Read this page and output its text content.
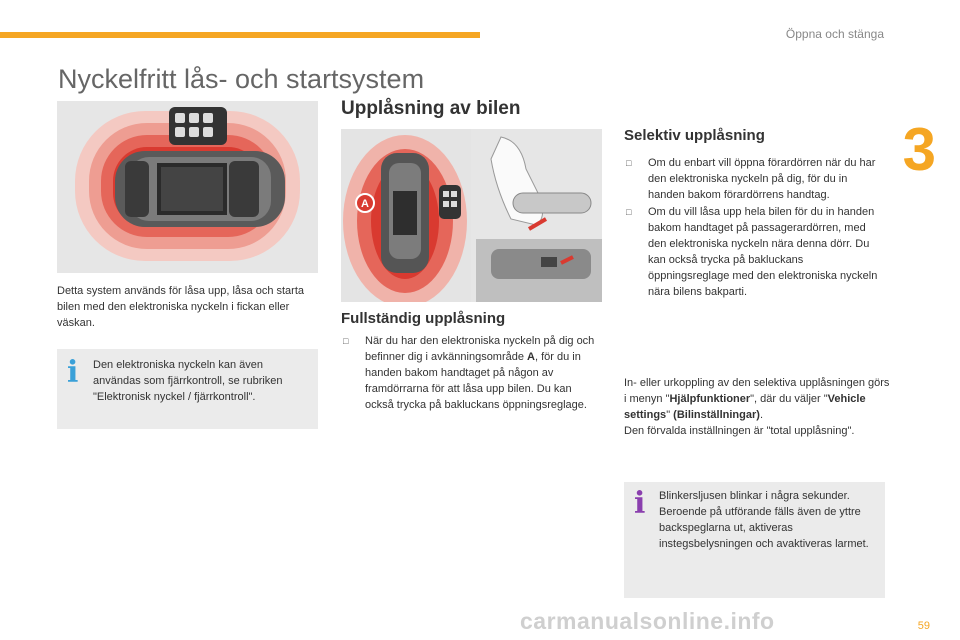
Öppna och stänga
3
Nyckelfritt lås- och startsystem
Detta system används för låsa upp, låsa och starta bilen med den elektroniska nyckeln i fickan eller väskan.
i Den elektroniska nyckeln kan även användas som fjärrkontroll, se rubriken "Elektronisk nyckel / fjärrkontroll".
Upplåsning av bilen
A
Fullständig upplåsning
□ När du har den elektroniska nyckeln på dig och befinner dig i avkänningsområde A, för du in handen bakom handtaget på någon av framdörrarna för att låsa upp bilen. Du kan också trycka på bakluckans öppningsreglage.
Selektiv upplåsning
□ Om du enbart vill öppna förardörren när du har den elektroniska nyckeln på dig, för du in handen bakom förardörrens handtag.
□ Om du vill låsa upp hela bilen för du in handen bakom handtaget på passagerardörren, med den elektroniska nyckeln nära denna dörr. Du kan också trycka på bakluckans öppningsreglage med den elektroniska nyckeln nära bilens bakparti.
In- eller urkoppling av den selektiva upplåsningen görs i menyn "Hjälpfunktioner", där du väljer "Vehicle settings" (Bilinställningar).
Den förvalda inställningen är "total upplåsning".
i Blinkersljusen blinkar i några sekunder. Beroende på utförande fälls även de yttre backspeglarna ut, aktiveras instegsbelysningen och avaktiveras larmet.
59
carmanualsonline.info
